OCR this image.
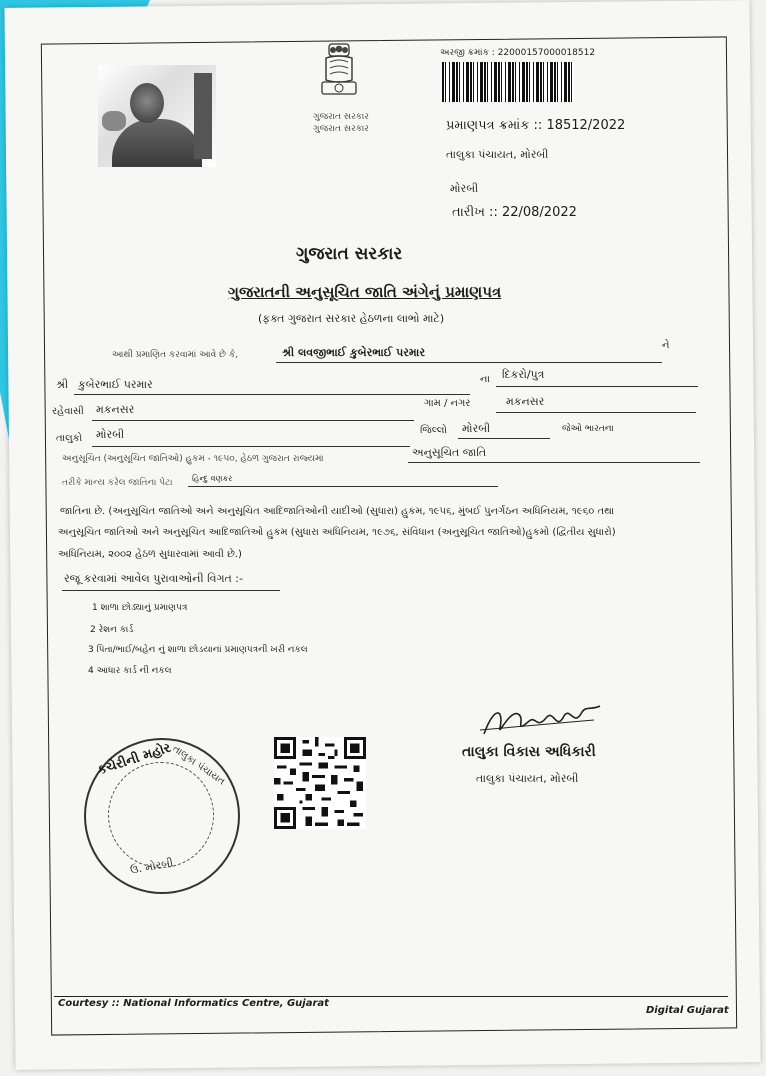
ગુજરાત સરકાર
ગુજરાત સરકાર
અરજી ક્રમાંક : 22000157000018512
પ્રમાણપત્ર ક્રમાંક :: 18512/2022
તાલુકા પંચાયત, મોરબી
મોરબી
તારીખ :: 22/08/2022
ગુજરાત સરકાર
ગુજરાતની અનુસૂચિત જાતિ અંગેનું પ્રમાણપત્ર
(ફક્ત ગુજરાત સરકાર હેઠળના લાભો માટે)
આથી પ્રમાણિત કરવામાં આવે છે કે,	શ્રી લવજીભાઈ કુબેરભાઈ પરમાર
ને
શ્રી કુબેરભાઈ પરમાર	ના દિકરો/પુત્ર
રહેવાસી મકનસર	ગામ / નગર	મકનસર
તાલુકો મોરબી	જિલ્લો મોરબી	જેઓ ભારતના
અનુસૂચિત (અનુસૂચિત જાતિઓ) હુકમ - ૧૯૫૦, હેઠળ ગુજરાત રાજ્યમાં	અનુસૂચિત જાતિ
તરીકે માન્ય કરેલ જાતિના પેટા હિન્દુ વણકર
જાતિના છે. (અનુસૂચિત જાતિઓ અને અનુસૂચિત આદિજાતિઓની યાદીઓ (સુધારા) હુકમ, ૧૯૫૬, મુંબઈ પુનર્ગઠન અધિનિયમ, ૧૯૬૦ તથા
અનુસૂચિત જાતિઓ અને અનુસૂચિત આદિજાતિઓ હુકમ (સુધારા અધિનિયમ, ૧૯૭૬, સંવિધાન (અનુસૂચિત જાતિઓ)હુકમો (દ્વિતીય સુધારો)
અધિનિયમ, ૨૦૦૨ હેઠળ સુધારવામાં આવી છે.)
રજૂ કરવામાં આવેલ પુરાવાઓની વિગત :-
1 શાળા છોડ્યાનું પ્રમાણપત્ર
2 રેશન કાર્ડ
3 પિતા/ભાઈ/બહેન નું શાળા છોડયાનાં પ્રમાણપત્રની ખરી નકલ
4 આધાર કાર્ડ ની નકલ
તાલુકા વિકાસ અધિકારી
તાલુકા પંચાયત, મોરબી
કચેરીની મહોર
તાલુકા પંચાયત
ઉ. મોરબી
Courtesy :: National Informatics Centre, Gujarat
Digital Gujarat
